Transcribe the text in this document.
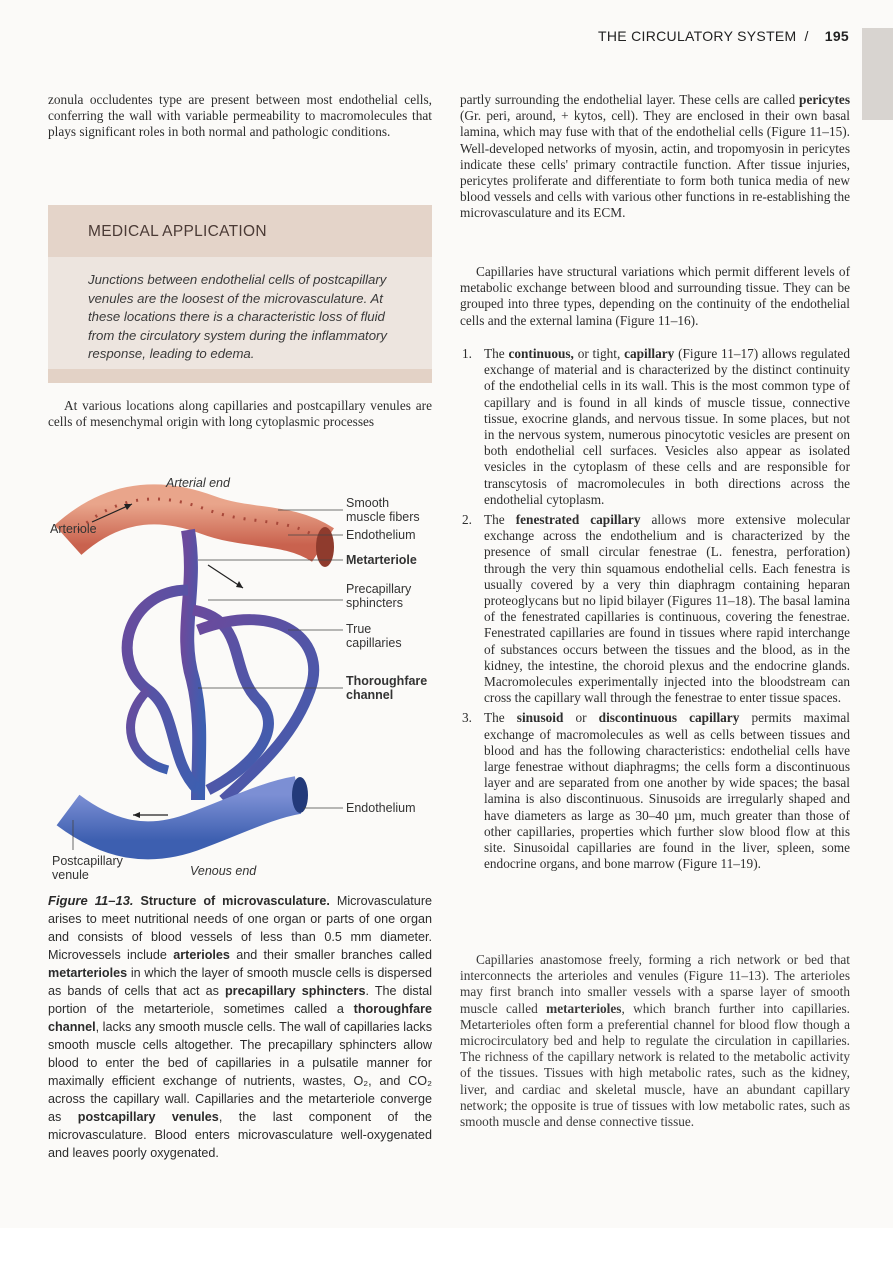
THE CIRCULATORY SYSTEM / 195

zonula occludentes type are present between most endothelial cells, conferring the wall with variable permeability to macromolecules that plays significant roles in both normal and pathologic conditions.

MEDICAL APPLICATION

Junctions between endothelial cells of postcapillary venules are the loosest of the microvasculature. At these locations there is a characteristic loss of fluid from the circulatory system during the inflammatory response, leading to edema.

At various locations along capillaries and postcapillary venules are cells of mesenchymal origin with long cytoplasmic processes

Arterial end
Arteriole
Smooth muscle fibers
Endothelium
Metarteriole
Precapillary sphincters
True capillaries
Thoroughfare channel
Endothelium
Postcapillary venule	Venous end

Figure 11–13. Structure of microvasculature. Microvasculature arises to meet nutritional needs of one organ or parts of one organ and consists of blood vessels of less than 0.5 mm diameter. Microvessels include arterioles and their smaller branches called metarterioles in which the layer of smooth muscle cells is dispersed as bands of cells that act as precapillary sphincters. The distal portion of the metarteriole, sometimes called a thoroughfare channel, lacks any smooth muscle cells. The wall of capillaries lacks smooth muscle cells altogether. The precapillary sphincters allow blood to enter the bed of capillaries in a pulsatile manner for maximally efficient exchange of nutrients, wastes, O₂, and CO₂ across the capillary wall. Capillaries and the metarteriole converge as postcapillary venules, the last component of the microvasculature. Blood enters microvasculature well-oxygenated and leaves poorly oxygenated.

partly surrounding the endothelial layer. These cells are called pericytes (Gr. peri, around, + kytos, cell). They are enclosed in their own basal lamina, which may fuse with that of the endothelial cells (Figure 11–15). Well-developed networks of myosin, actin, and tropomyosin in pericytes indicate these cells' primary contractile function. After tissue injuries, pericytes proliferate and differentiate to form both tunica media of new blood vessels and cells with various other functions in re-establishing the microvasculature and its ECM.

Capillaries have structural variations which permit different levels of metabolic exchange between blood and surrounding tissue. They can be grouped into three types, depending on the continuity of the endothelial cells and the external lamina (Figure 11–16).

1. The continuous, or tight, capillary (Figure 11–17) allows regulated exchange of material and is characterized by the distinct continuity of the endothelial cells in its wall. This is the most common type of capillary and is found in all kinds of muscle tissue, connective tissue, exocrine glands, and nervous tissue. In some places, but not in the nervous system, numerous pinocytotic vesicles are present on both endothelial cell surfaces. Vesicles also appear as isolated vesicles in the cytoplasm of these cells and are responsible for transcytosis of macromolecules in both directions across the endothelial cytoplasm.
2. The fenestrated capillary allows more extensive molecular exchange across the endothelium and is characterized by the presence of small circular fenestrae (L. fenestra, perforation) through the very thin squamous endothelial cells. Each fenestra is usually covered by a very thin diaphragm containing heparan proteoglycans but no lipid bilayer (Figures 11–18). The basal lamina of the fenestrated capillaries is continuous, covering the fenestrae. Fenestrated capillaries are found in tissues where rapid interchange of substances occurs between the tissues and the blood, as in the kidney, the intestine, the choroid plexus and the endocrine glands. Macromolecules experimentally injected into the bloodstream can cross the capillary wall through the fenestrae to enter tissue spaces.
3. The sinusoid or discontinuous capillary permits maximal exchange of macromolecules as well as cells between tissues and blood and has the following characteristics: endothelial cells have large fenestrae without diaphragms; the cells form a discontinuous layer and are separated from one another by wide spaces; the basal lamina is also discontinuous. Sinusoids are irregularly shaped and have diameters as large as 30–40 µm, much greater than those of other capillaries, properties which further slow blood flow at this site. Sinusoidal capillaries are found in the liver, spleen, some endocrine organs, and bone marrow (Figure 11–19).

Capillaries anastomose freely, forming a rich network or bed that interconnects the arterioles and venules (Figure 11–13). The arterioles may first branch into smaller vessels with a sparse layer of smooth muscle called metarterioles, which branch further into capillaries. Metarterioles often form a preferential channel for blood flow though a microcirculatory bed and help to regulate the circulation in capillaries. The richness of the capillary network is related to the metabolic activity of the tissues. Tissues with high metabolic rates, such as the kidney, liver, and cardiac and skeletal muscle, have an abundant capillary network; the opposite is true of tissues with low metabolic rates, such as smooth muscle and dense connective tissue.
